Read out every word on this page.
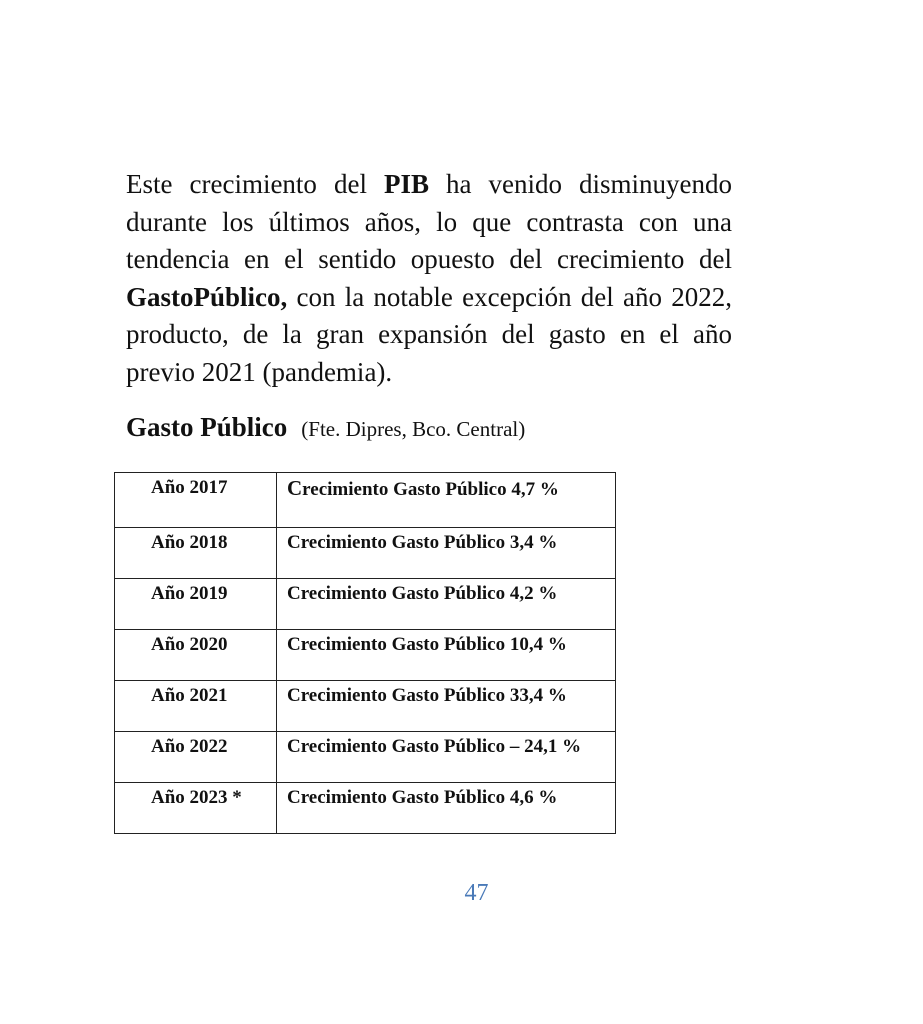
Este crecimiento del PIB ha venido disminuyendo durante los últimos años, lo que contrasta con una tendencia en el sentido opuesto del crecimiento del GastoPúblico, con la notable excepción del año 2022, producto, de la gran expansión del gasto en el año previo 2021 (pandemia).

Gasto Público (Fte. Dipres, Bco. Central)
Año 2017	Crecimiento Gasto Público 4,7 %
Año 2018	Crecimiento Gasto Público 3,4 %
Año 2019	Crecimiento Gasto Público 4,2 %
Año 2020	Crecimiento Gasto Público 10,4 %
Año 2021	Crecimiento Gasto Público 33,4 %
Año 2022	Crecimiento Gasto Público – 24,1 %
Año 2023 *	Crecimiento Gasto Público 4,6 %
47
